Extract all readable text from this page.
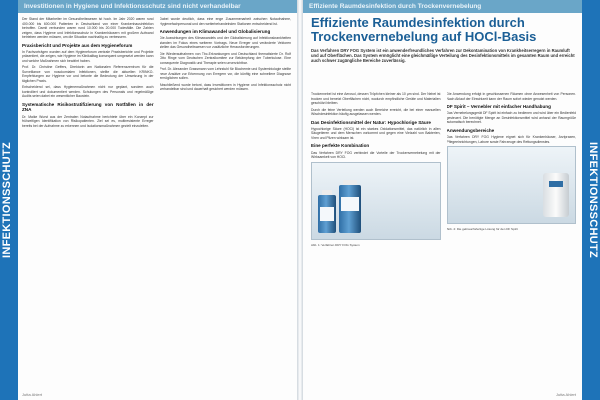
Investitionen in Hygiene und Infektionsschutz sind nicht verhandelbar
INFEKTIONSSCHUTZ

Der Stand der Mitarbeiter im Gesundheitswesen ist hoch. Im Jahr 2020 waren rund 400.000 bis 600.000 Patienten in Deutschland von einer Krankenhausinfektion betroffen. Damit verbunden waren rund 10.000 bis 20.000 Todesfälle. Die Zahlen zeigen, dass Hygiene und Infektionsschutz in Krankenhäusern mit großem Aufwand betrieben werden müssen, um die Situation nachhaltig zu verbessern.

Praxisbericht und Projekte aus dem Hygieneforum

In Fachvorträgen wurden auf dem Hygieneforum zentrale Praxisberichte und Projekte präsentiert, die zeigen, wie Hygiene im Klinikalltag konsequent umgesetzt werden kann und welche Maßnahmen sich bewährt haben.

Prof. Dr. Christine Geffers, Direktorin am Nationalen Referenzzentrum für die Surveillance von nosokomialen Infektionen, stellte die aktuellen KRINKO-Empfehlungen zur Hygiene vor und betonte die Bedeutung der Umsetzung in der täglichen Praxis.

Entscheidend sei, dass Hygienemaßnahmen nicht nur geplant, sondern auch kontrolliert und dokumentiert werden. Schulungen des Personals und regelmäßige Audits seien dabei ein wesentlicher Baustein.

Systematische Risikostratifizierung von Notfällen in der ZNA

Dr. Maike Wurst aus der Zentralen Notaufnahme berichtete über ein Konzept zur frühzeitigen Identifikation von Risikopatienten. Ziel sei es, multiresistente Erreger bereits bei der Aufnahme zu erkennen und Isolationsmaßnahmen gezielt einzuleiten.

Dabei wurde deutlich, dass eine enge Zusammenarbeit zwischen Notaufnahme, Hygienefachpersonal und den weiterbehandelnden Stationen entscheidend ist.

Anwendungen im Klimawandel und Globalisierung

Die Auswirkungen des Klimawandels und der Globalisierung auf Infektionskrankheiten standen im Fokus eines weiteren Vortrags. Neue Erreger und veränderte Vektoren stellen das Gesundheitswesen vor zusätzliche Herausforderungen.

Die Wiederaufnahmen von Tbc-Erkrankungen und Deutschland thematisierte Dr. Rolf Otto Ringe vom Deutschen Zentralkomitee zur Bekämpfung der Tuberkulose. Eine konsequente Diagnostik und Therapie seien unverzichtbar.

Prof. Dr. Alexander Grassmann vom Lehrstuhl für Biochemie und Systembiologie stellte neue Ansätze zur Erkennung von Erregern vor, die künftig eine schnellere Diagnose ermöglichen sollen.

Abschließend wurde betont, dass Investitionen in Hygiene und Infektionsschutz nicht verhandelbar sind und dauerhaft gesichert werden müssen.

Jutta Ahlert
Effiziente Raumdesinfektion durch Trockenvernebelung
Effiziente Raumdesinfektion durch Trockenvernebelung auf HOCl-Basis
Das Verfahren DRY FOG System ist ein anwenderfreundliches Verfahren zur Dekontamination von Krankheitserregern in Raumluft und auf Oberflächen. Das System ermöglicht eine gleichmäßige Verteilung des Desinfektionsmittels im gesamten Raum und erreicht auch schwer zugängliche Bereiche zuverlässig.

Trockennebel ist eine Aerosol, dessen Tröpfchen kleiner als 10 µm sind. Der Nebel ist trocken und benetzt Oberflächen nicht, wodurch empfindliche Geräte und Materialien geschützt bleiben.

Durch die feine Verteilung werden auch Bereiche erreicht, die bei einer manuellen Wischdesinfektion häufig ausgelassen werden.

Das Desinfektionsmittel der Natur: Hypochlorige Säure

Hypochlorige Säure (HOCl) ist ein starkes Oxidationsmittel, das natürlich in allen Säugetieren und dem Menschen vorkommt und gegen eine Vielzahl von Bakterien, Viren und Pilzen wirksam ist.

Eine perfekte Kombination

Das Verfahren DRY FOG verbindet die Vorteile der Trockenvernebelung mit der Wirksamkeit von HOCl.

Abb. 1: Verfahren DRY FOG System

Die Anwendung erfolgt in geschlossenen Räumen ohne Anwesenheit von Personen. Nach Ablauf der Einwirkzeit kann der Raum sofort wieder genutzt werden.

DF Spirit – Vernebler mit einfacher Handhabung

Das Vernebelungsgerät DF Spirit ist einfach zu bedienen und wird über ein Bedienfeld gesteuert. Die benötigte Menge an Desinfektionsmittel wird anhand der Raumgröße automatisch berechnet.

Anwendungsbereiche

Das Verfahren DRY FOG Hygiene eignet sich für Krankenhäuser, Arztpraxen, Pflegeeinrichtungen, Labore sowie Fahrzeuge des Rettungsdienstes.

Abb. 2: Die gebrauchsfertige Lösung für den DF Spirit	INFEKTIONSSCHUTZ
Jutta Ahlert
